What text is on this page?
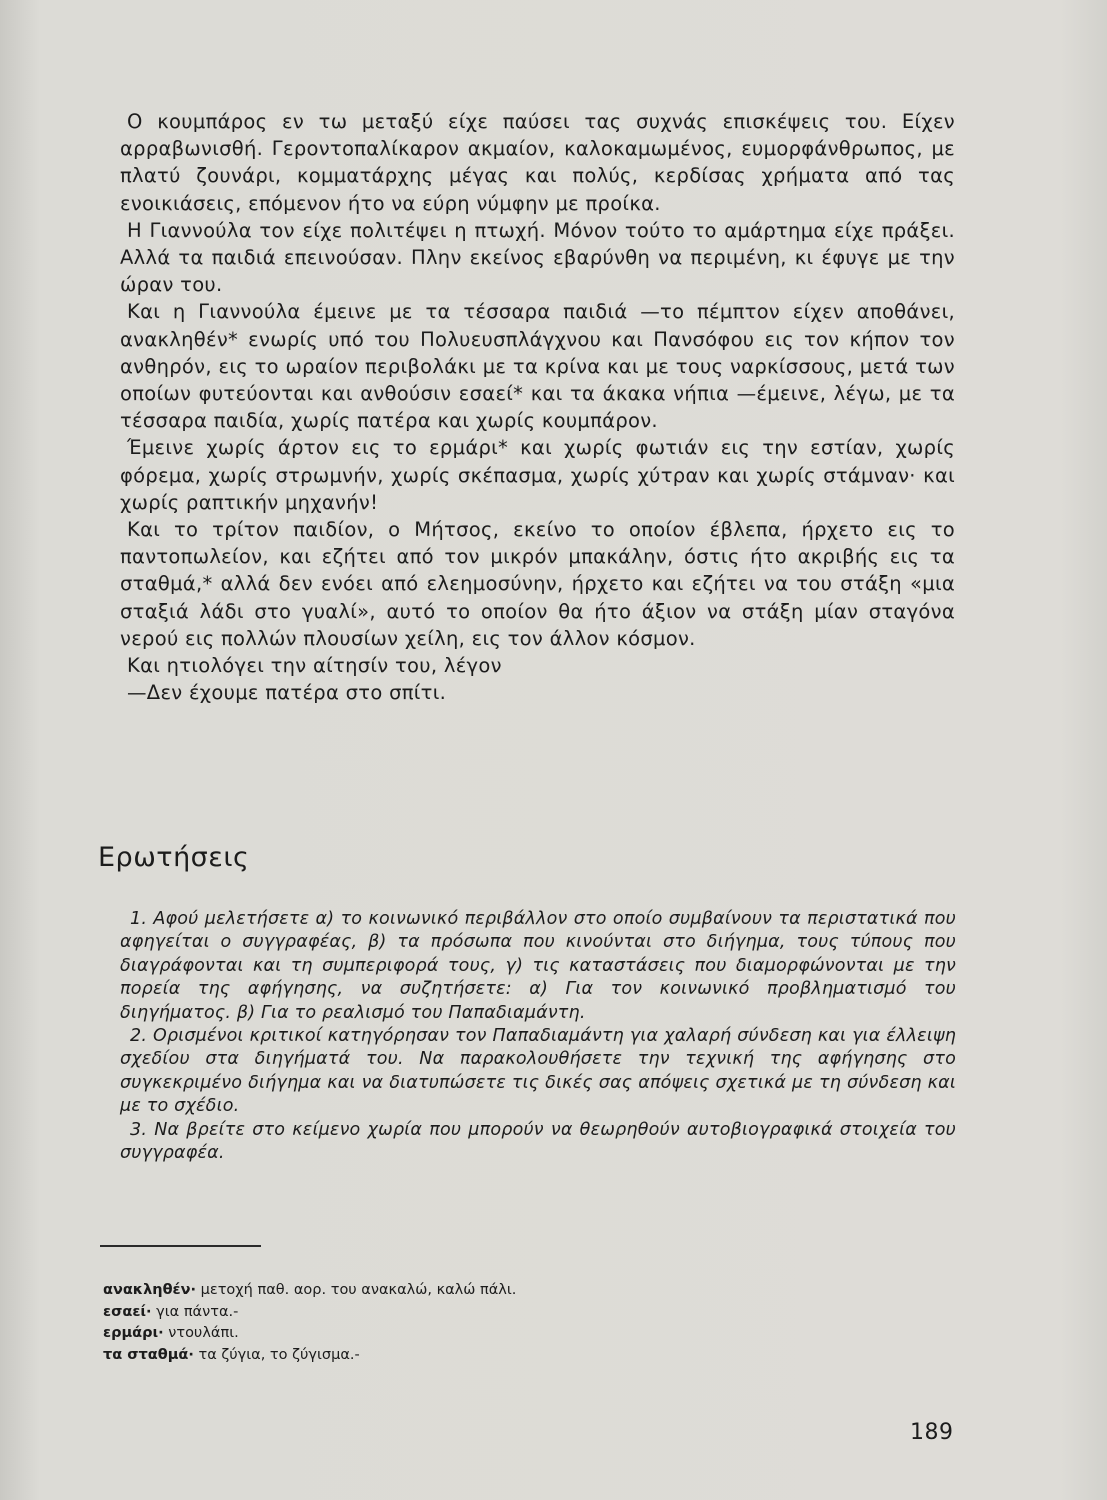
Ο κουμπάρος εν τω μεταξύ είχε παύσει τας συχνάς επισκέψεις του. Είχεν αρραβωνισθή. Γεροντοπαλίκαρον ακμαίον, καλοκαμωμένος, ευμορφάνθρωπος, με πλατύ ζουνάρι, κομματάρχης μέγας και πολύς, κερδίσας χρήματα από τας ενοικιάσεις, επόμενον ήτο να εύρη νύμφην με προίκα.

Η Γιαννούλα τον είχε πολιτέψει η πτωχή. Μόνον τούτο το αμάρτημα είχε πράξει. Αλλά τα παιδιά επεινούσαν. Πλην εκείνος εβαρύνθη να περιμένη, κι έφυγε με την ώραν του.

Και η Γιαννούλα έμεινε με τα τέσσαρα παιδιά —το πέμπτον είχεν αποθάνει, ανακληθέν* ενωρίς υπό του Πολυευσπλάγχνου και Πανσόφου εις τον κήπον τον ανθηρόν, εις το ωραίον περιβολάκι με τα κρίνα και με τους ναρκίσσους, μετά των οποίων φυτεύονται και ανθούσιν εσαεί* και τα άκακα νήπια —έμεινε, λέγω, με τα τέσσαρα παιδία, χωρίς πατέρα και χωρίς κουμπάρον.

Έμεινε χωρίς άρτον εις το ερμάρι* και χωρίς φωτιάν εις την εστίαν, χωρίς φόρεμα, χωρίς στρωμνήν, χωρίς σκέπασμα, χωρίς χύτραν και χωρίς στάμναν· και χωρίς ραπτικήν μηχανήν!

Και το τρίτον παιδίον, ο Μήτσος, εκείνο το οποίον έβλεπα, ήρχετο εις το παντοπωλείον, και εζήτει από τον μικρόν μπακάλην, όστις ήτο ακριβής εις τα σταθμά,* αλλά δεν ενόει από ελεημοσύνην, ήρχετο και εζήτει να του στάξη «μια σταξιά λάδι στο γυαλί», αυτό το οποίον θα ήτο άξιον να στάξη μίαν σταγόνα νερού εις πολλών πλουσίων χείλη, εις τον άλλον κόσμον.

Και ητιολόγει την αίτησίν του, λέγον

—Δεν έχουμε πατέρα στο σπίτι.

Ερωτήσεις

1. Αφού μελετήσετε α) το κοινωνικό περιβάλλον στο οποίο συμβαίνουν τα περιστατικά που αφηγείται ο συγγραφέας, β) τα πρόσωπα που κινούνται στο διήγημα, τους τύπους που διαγράφονται και τη συμπεριφορά τους, γ) τις καταστάσεις που διαμορφώνονται με την πορεία της αφήγησης, να συζητήσετε: α) Για τον κοινωνικό προβληματισμό του διηγήματος. β) Για το ρεαλισμό του Παπαδιαμάντη.

2. Ορισμένοι κριτικοί κατηγόρησαν τον Παπαδιαμάντη για χαλαρή σύνδεση και για έλλειψη σχεδίου στα διηγήματά του. Να παρακολουθήσετε την τεχνική της αφήγησης στο συγκεκριμένο διήγημα και να διατυπώσετε τις δικές σας απόψεις σχετικά με τη σύνδεση και με το σχέδιο.

3. Να βρείτε στο κείμενο χωρία που μπορούν να θεωρηθούν αυτοβιογραφικά στοιχεία του συγγραφέα.

ανακληθέν· μετοχή παθ. αορ. του ανακαλώ, καλώ πάλι.

εσαεί· για πάντα.-

ερμάρι· ντουλάπι.

τα σταθμά· τα ζύγια, το ζύγισμα.-

189
